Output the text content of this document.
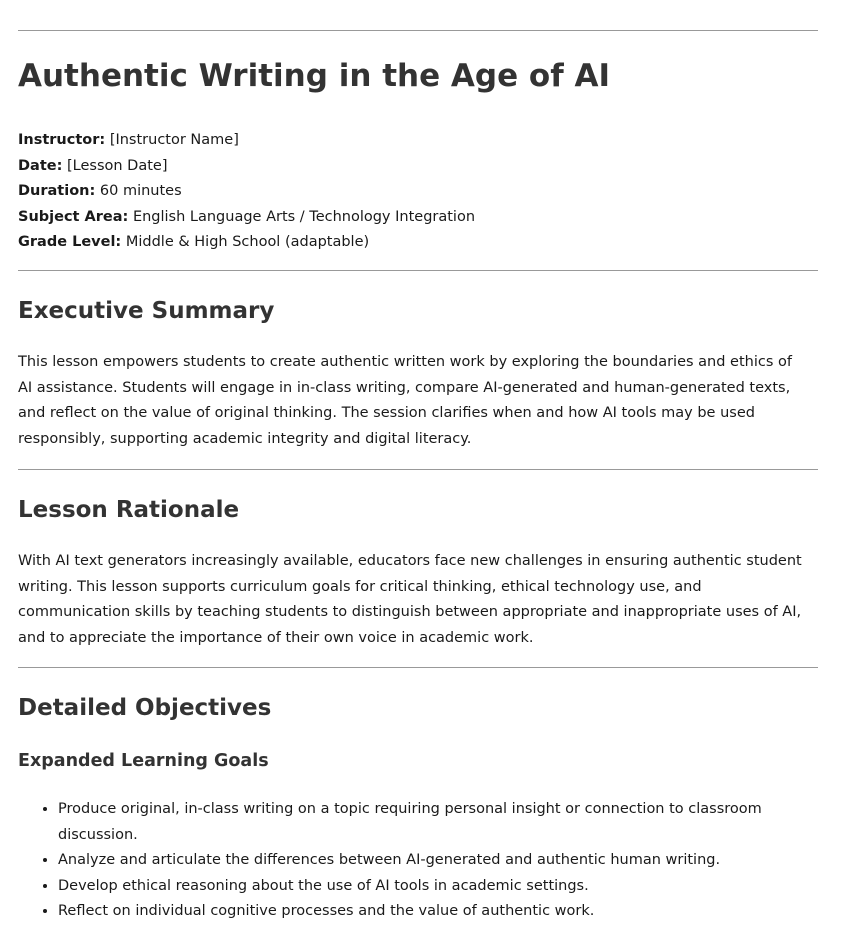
Authentic Writing in the Age of AI
Instructor: [Instructor Name]
Date: [Lesson Date]
Duration: 60 minutes
Subject Area: English Language Arts / Technology Integration
Grade Level: Middle & High School (adaptable)
Executive Summary

This lesson empowers students to create authentic written work by exploring the boundaries and ethics of AI assistance. Students will engage in in-class writing, compare AI-generated and human-generated texts, and reflect on the value of original thinking. The session clarifies when and how AI tools may be used responsibly, supporting academic integrity and digital literacy.

Lesson Rationale

With AI text generators increasingly available, educators face new challenges in ensuring authentic student writing. This lesson supports curriculum goals for critical thinking, ethical technology use, and communication skills by teaching students to distinguish between appropriate and inappropriate uses of AI, and to appreciate the importance of their own voice in academic work.

Detailed Objectives
Expanded Learning Goals
• Produce original, in-class writing on a topic requiring personal insight or connection to classroom discussion.
• Analyze and articulate the differences between AI-generated and authentic human writing.
• Develop ethical reasoning about the use of AI tools in academic settings.
• Reflect on individual cognitive processes and the value of authentic work.
